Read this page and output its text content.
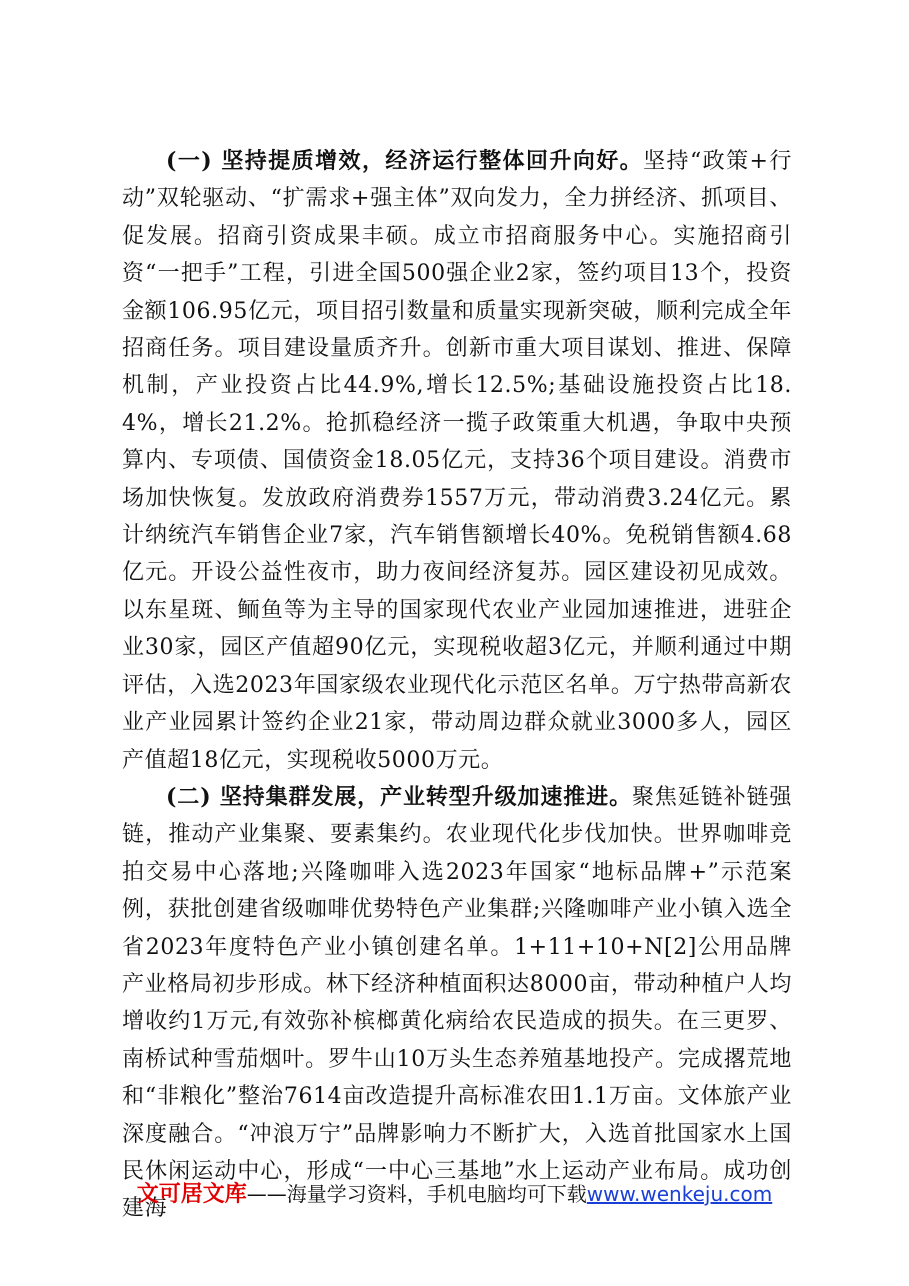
(一) 坚持提质增效，经济运行整体回升向好。坚持“政策+行动”双轮驱动、“扩需求+强主体”双向发力，全力拼经济、抓项目、促发展。招商引资成果丰硕。成立市招商服务中心。实施招商引资“一把手”工程，引进全国500强企业2家，签约项目13个，投资金额106.95亿元，项目招引数量和质量实现新突破，顺利完成全年招商任务。项目建设量质齐升。创新市重大项目谋划、推进、保障机制，产业投资占比44.9%,增长12.5%;基础设施投资占比18.4%，增长21.2%。抢抓稳经济一揽子政策重大机遇，争取中央预算内、专项债、国债资金18.05亿元，支持36个项目建设。消费市场加快恢复。发放政府消费券1557万元，带动消费3.24亿元。累计纳统汽车销售企业7家，汽车销售额增长40%。免税销售额4.68亿元。开设公益性夜市，助力夜间经济复苏。园区建设初见成效。以东星斑、鲕鱼等为主导的国家现代农业产业园加速推进，进驻企业30家，园区产值超90亿元，实现税收超3亿元，并顺利通过中期评估，入选2023年国家级农业现代化示范区名单。万宁热带高新农业产业园累计签约企业21家，带动周边群众就业3000多人，园区产值超18亿元，实现税收5000万元。

(二) 坚持集群发展，产业转型升级加速推进。聚焦延链补链强链，推动产业集聚、要素集约。农业现代化步伐加快。世界咖啡竞拍交易中心落地;兴隆咖啡入选2023年国家“地标品牌+”示范案例，获批创建省级咖啡优势特色产业集群;兴隆咖啡产业小镇入选全省2023年度特色产业小镇创建名单。1+11+10+N[2]公用品牌产业格局初步形成。林下经济种植面积达8000亩，带动种植户人均增收约1万元,有效弥补槟榔黄化病给农民造成的损失。在三更罗、南桥试种雪茄烟叶。罗牛山10万头生态养殖基地投产。完成撂荒地和“非粮化”整治7614亩改造提升高标准农田1.1万亩。文体旅产业深度融合。“冲浪万宁”品牌影响力不断扩大，入选首批国家水上国民休闲运动中心，形成“一中心三基地”水上运动产业布局。成功创建海

文可居文库——海量学习资料，手机电脑均可下载www.wenkeju.com
